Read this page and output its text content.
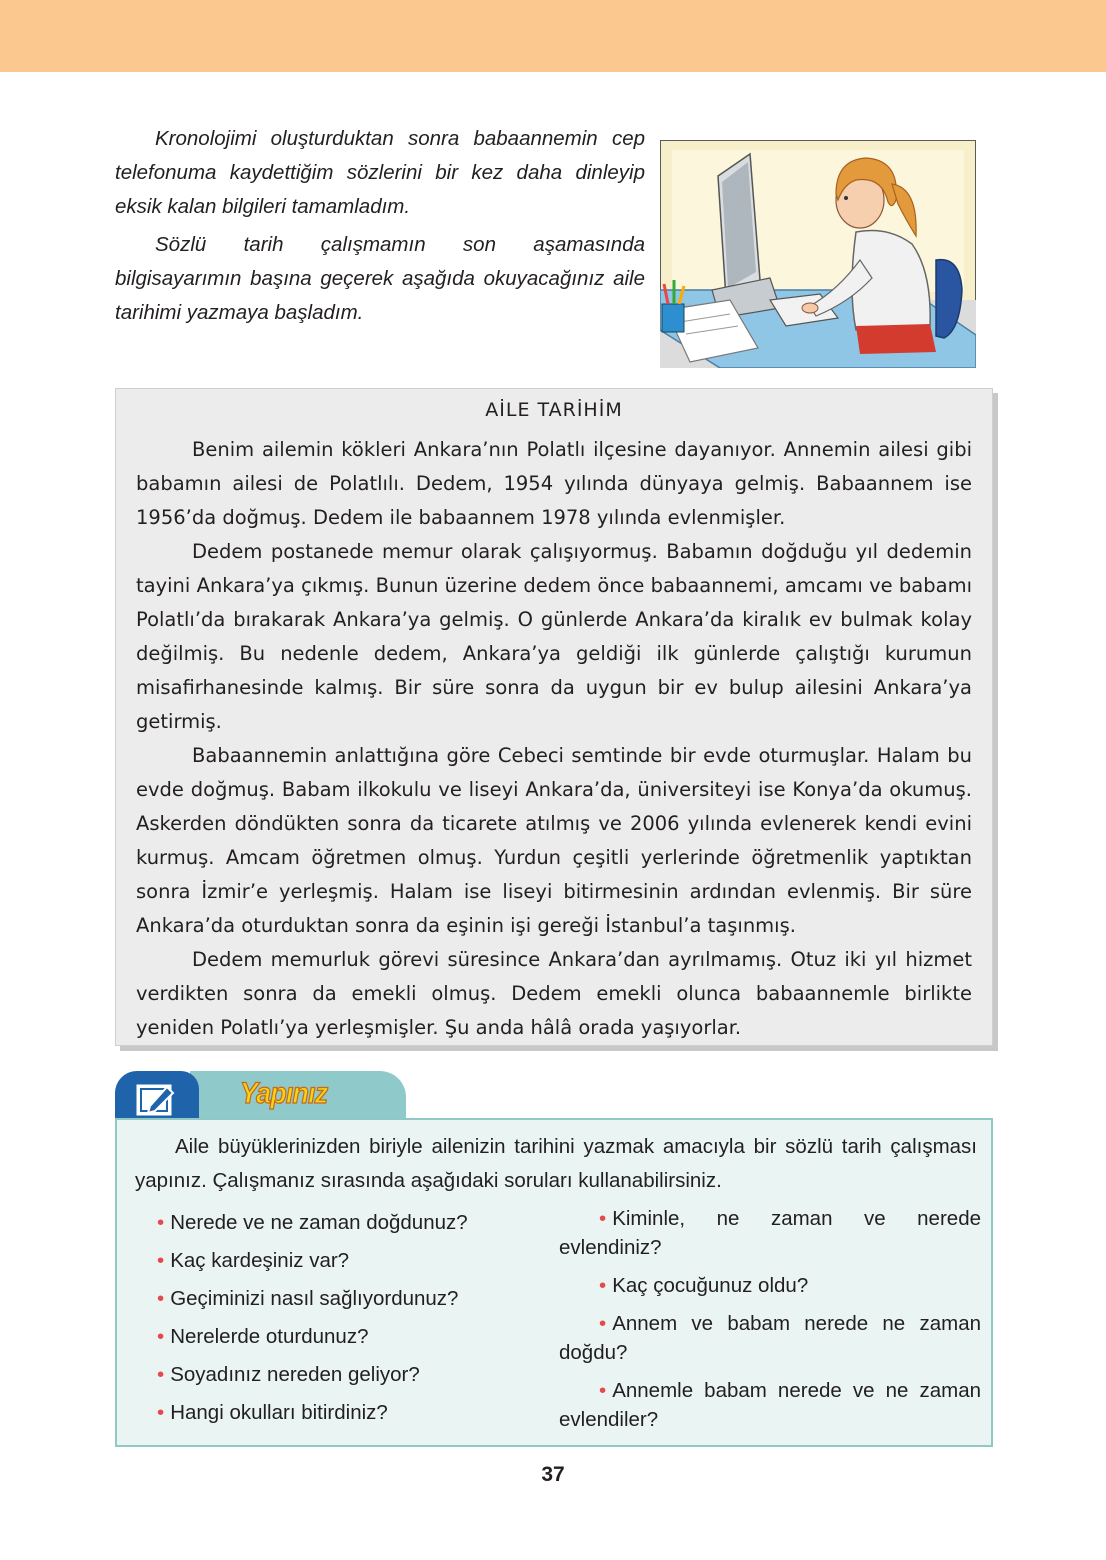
Kronolojimi oluşturduktan sonra babaannemin cep telefonuma kaydettiğim sözlerini bir kez daha dinleyip eksik kalan bilgileri tamamladım.

Sözlü tarih çalışmamın son aşamasında bilgisayarımın başına geçerek aşağıda okuyacağınız aile tarihimi yazmaya başladım.

AİLE TARİHİM

Benim ailemin kökleri Ankara’nın Polatlı ilçesine dayanıyor. Annemin ailesi gibi babamın ailesi de Polatlılı. Dedem, 1954 yılında dünyaya gelmiş. Babaannem ise 1956’da doğmuş. Dedem ile babaannem 1978 yılında evlenmişler.

Dedem postanede memur olarak çalışıyormuş. Babamın doğduğu yıl dedemin tayini Ankara’ya çıkmış. Bunun üzerine dedem önce babaannemi, amcamı ve babamı Polatlı’da bırakarak Ankara’ya gelmiş. O günlerde Ankara’da kiralık ev bulmak kolay değilmiş. Bu nedenle dedem, Ankara’ya geldiği ilk günlerde çalıştığı kurumun misafirhanesinde kalmış. Bir süre sonra da uygun bir ev bulup ailesini Ankara’ya getirmiş.

Babaannemin anlattığına göre Cebeci semtinde bir evde oturmuşlar. Halam bu evde doğmuş. Babam ilkokulu ve liseyi Ankara’da, üniversiteyi ise Konya’da okumuş. Askerden döndükten sonra da ticarete atılmış ve 2006 yılında evlenerek kendi evini kurmuş. Amcam öğretmen olmuş. Yurdun çeşitli yerlerinde öğretmenlik yaptıktan sonra İzmir’e yerleşmiş. Halam ise liseyi bitirmesinin ardından evlenmiş. Bir süre Ankara’da oturduktan sonra da eşinin işi gereği İstanbul’a taşınmış.

Dedem memurluk görevi süresince Ankara’dan ayrılmamış. Otuz iki yıl hizmet verdikten sonra da emekli olmuş. Dedem emekli olunca babaannemle birlikte yeniden Polatlı’ya yerleşmişler. Şu anda hâlâ orada yaşıyorlar.

Yapınız
Aile büyüklerinizden biriyle ailenizin tarihini yazmak amacıyla bir sözlü tarih çalışması yapınız. Çalışmanız sırasında aşağıdaki soruları kullanabilirsiniz.
• Nerede ve ne zaman doğdunuz?
• Kaç kardeşiniz var?
• Geçiminizi nasıl sağlıyordunuz?
• Nerelerde oturdunuz?
• Soyadınız nereden geliyor?
• Hangi okulları bitirdiniz?
• Kiminle, ne zaman ve nerede evlendiniz?
• Kaç çocuğunuz oldu?
• Annem ve babam nerede ne zaman doğdu?
• Annemle babam nerede ve ne zaman evlendiler?
37
